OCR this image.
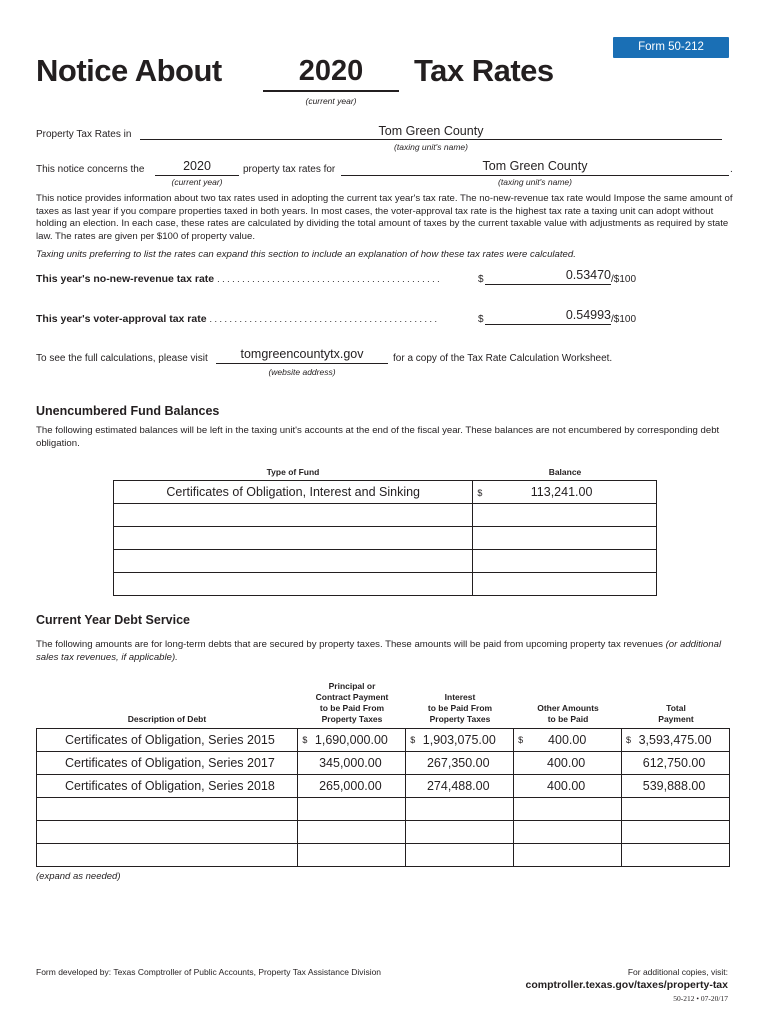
Form 50-212
Notice About	2020	Tax Rates
(current year)
Property Tax Rates in	Tom Green County
(taxing unit's name)
This notice concerns the	2020
(current year)
property tax rates for	Tom Green County	.
(taxing unit's name)
This notice provides information about two tax rates used in adopting the current tax year's tax rate. The no-new-revenue tax rate would Impose the same amount of taxes as last year if you compare properties taxed in both years. In most cases, the voter-approval tax rate is the highest tax rate a taxing unit can adopt without holding an election. In each case, these rates are calculated by dividing the total amount of taxes by the current taxable value with adjustments as required by state law. The rates are given per $100 of property value.
Taxing units preferring to list the rates can expand this section to include an explanation of how these tax rates were calculated.
This year's no-new-revenue tax rate . . . . . . . . . . . . . . . . . . . . . . . . . . . . . . . . . . . . . . . . . . . . .	$	0.53470 /$100
This year's voter-approval tax rate . . . . . . . . . . . . . . . . . . . . . . . . . . . . . . . . . . . . . . . . . . . . . .	$	0.54993 /$100
To see the full calculations, please visit	tomgreencountytx.gov	for a copy of the Tax Rate Calculation Worksheet.
(website address)
Unencumbered Fund Balances
The following estimated balances will be left in the taxing unit's accounts at the end of the fiscal year. These balances are not encumbered by corresponding debt obligation.
Type of Fund	Balance
Certificates of Obligation, Interest and Sinking	$ 113,241.00

Current Year Debt Service
The following amounts are for long-term debts that are secured by property taxes. These amounts will be paid from upcoming property tax revenues (or additional sales tax revenues, if applicable).
Description of Debt
Principal or
Contract Payment
to be Paid From
Property Taxes
Interest
to be Paid From
Property Taxes
Other Amounts
to be Paid
Total
Payment
Certificates of Obligation, Series 2015	$ 1,690,000.00	$ 1,903,075.00	$ 400.00	$ 3,593,475.00
Certificates of Obligation, Series 2017	345,000.00	267,350.00	400.00	612,750.00
Certificates of Obligation, Series 2018	265,000.00	274,488.00	400.00	539,888.00

(expand as needed)
Form developed by: Texas Comptroller of Public Accounts, Property Tax Assistance Division	For additional copies, visit:
comptroller.texas.gov/taxes/property-tax
50-212 • 07-20/17
